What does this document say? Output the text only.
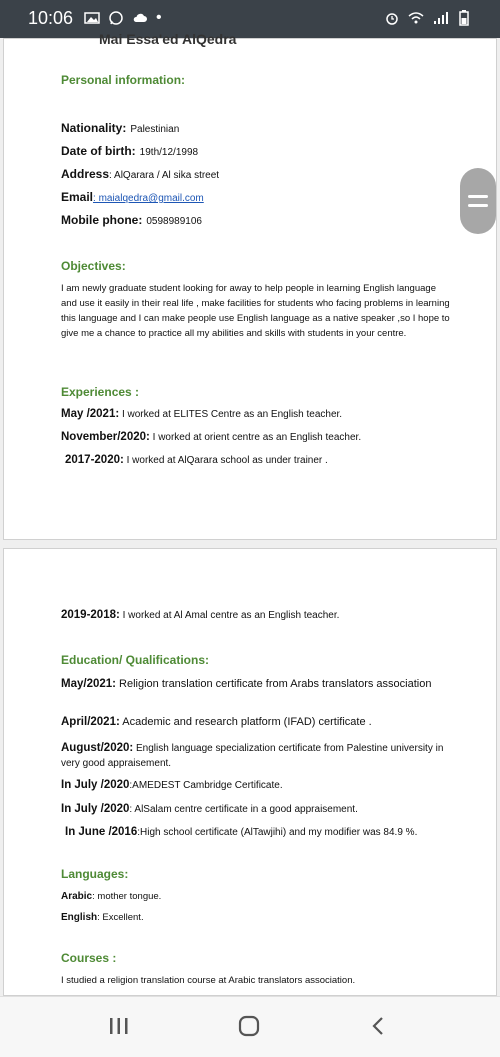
10:06	•
Mai Essa'ed AlQedra
Personal information:
Nationality: Palestinian
Date of birth: 19th/12/1998
Address: AlQarara / Al sika street
Email: maialqedra@gmail.com
Mobile phone: 0598989106
Objectives:
I am newly graduate student looking for away to help people in learning English language and use it easily in their real life , make facilities for students who facing problems in learning this language and I can make people use English language as a native speaker ,so I hope to give me a chance to practice all my abilities and skills with students in your centre.
Experiences :
May /2021: I worked at ELITES Centre as an English teacher.
November/2020: I worked at orient centre as an English teacher.
2017-2020: I worked at AlQarara school as under trainer .
2019-2018: I worked at Al Amal centre as an English teacher.
Education/ Qualifications:
May/2021: Religion translation certificate from Arabs translators association
April/2021: Academic and research platform (IFAD) certificate .
August/2020: English language specialization certificate from Palestine university in very good appraisement.
In July /2020:AMEDEST Cambridge Certificate.
In July /2020: AlSalam centre certificate in a good appraisement.
In June /2016:High school certificate (AlTawjihi) and my modifier was 84.9 %.
Languages:
Arabic: mother tongue.
English: Excellent.
Courses :
I studied a religion translation course at Arabic translators association.
